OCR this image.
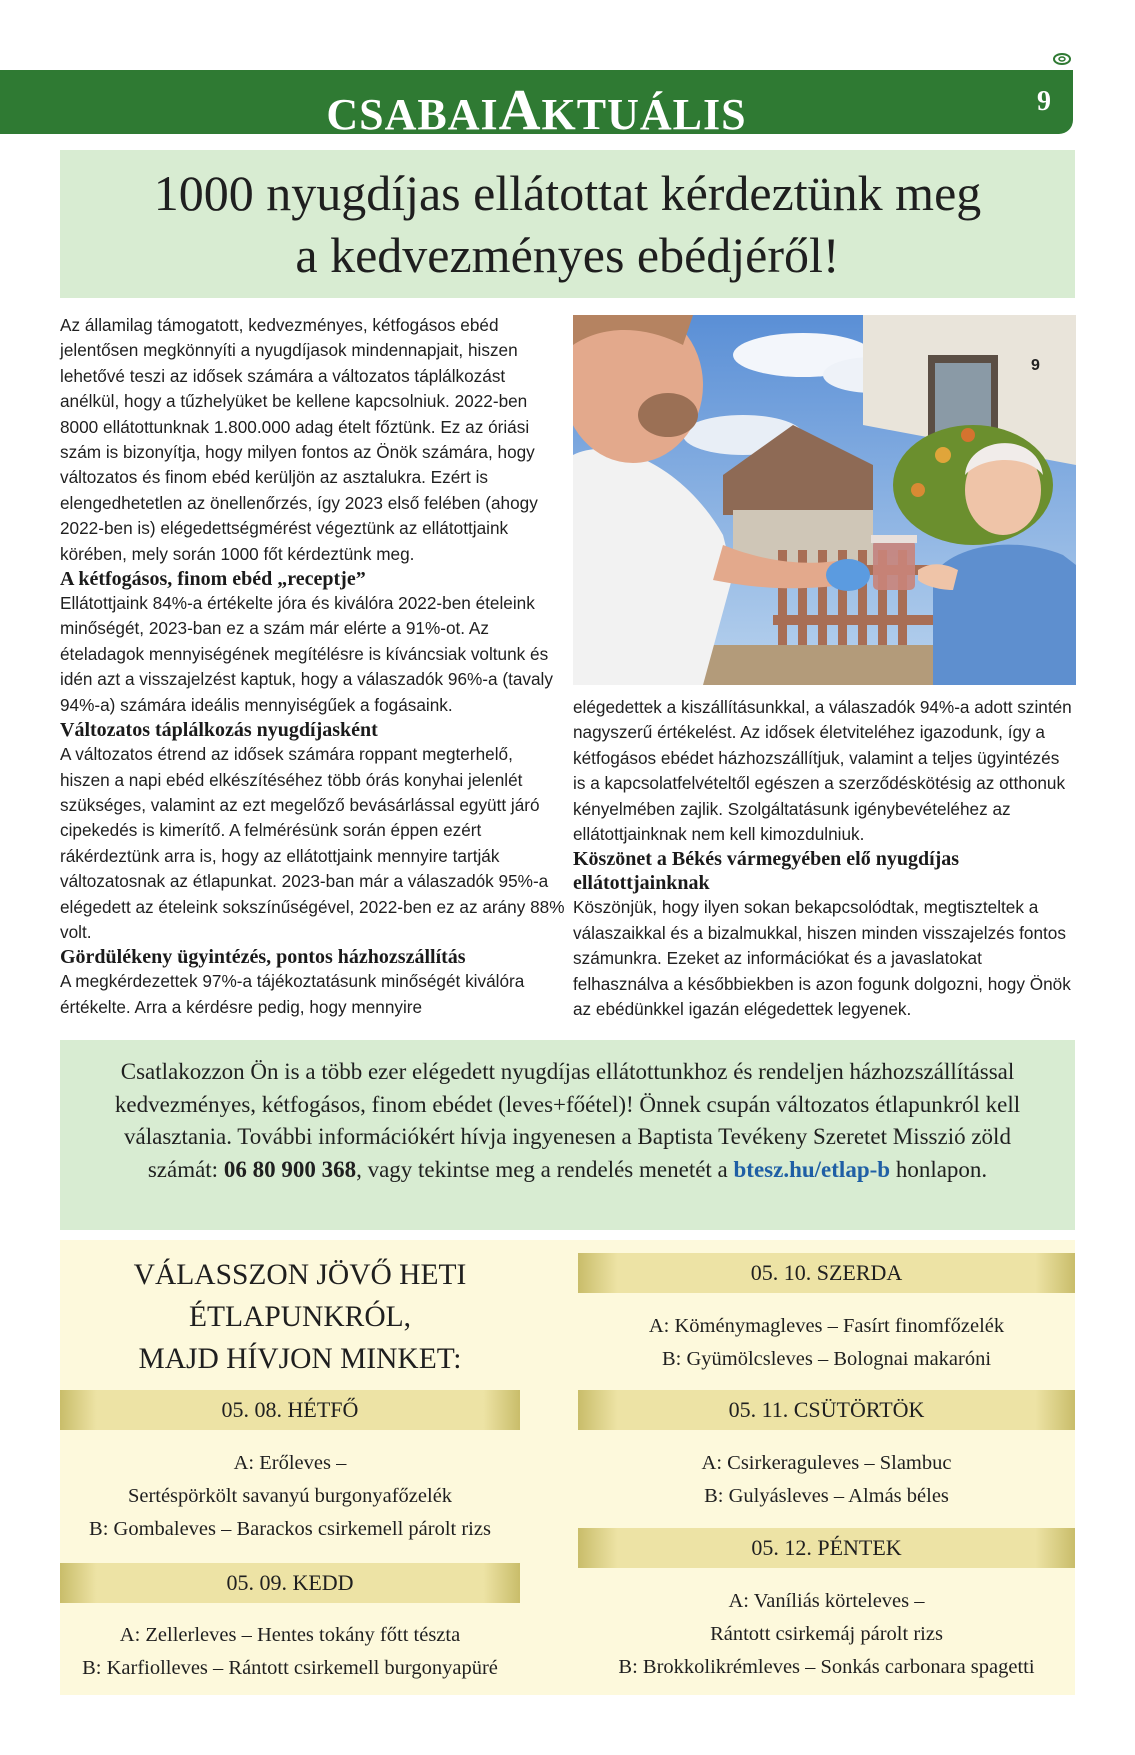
CSABAIAKTUÁLIS	9
1000 nyugdíjas ellátottat kérdeztünk meg
a kedvezményes ebédjéről!

Az államilag támogatott, kedvezményes, kétfogásos ebéd jelentősen megkönnyíti a nyugdíjasok mindennapjait, hiszen lehetővé teszi az idősek számára a változatos táplálkozást anélkül, hogy a tűzhelyüket be kellene kapcsolniuk. 2022-ben 8000 ellátottunknak 1.800.000 adag ételt főztünk. Ez az óriási szám is bizonyítja, hogy milyen fontos az Önök számára, hogy változatos és finom ebéd kerüljön az asztalukra. Ezért is elengedhetetlen az önellenőrzés, így 2023 első felében (ahogy 2022-ben is) elégedettségmérést végeztünk az ellátottjaink körében, mely során 1000 főt kérdeztünk meg.

A kétfogásos, finom ebéd „receptje”

Ellátottjaink 84%-a értékelte jóra és kiválóra 2022-ben ételeink minőségét, 2023-ban ez a szám már elérte a 91%-ot. Az ételadagok mennyiségének megítélésre is kíváncsiak voltunk és idén azt a visszajelzést kaptuk, hogy a válaszadók 96%-a (tavaly 94%-a) számára ideális mennyiségűek a fogásaink.

Változatos táplálkozás nyugdíjasként

A változatos étrend az idősek számára roppant megterhelő, hiszen a napi ebéd elkészítéséhez több órás konyhai jelenlét szükséges, valamint az ezt megelőző bevásárlással együtt járó cipekedés is kimerítő. A felmérésünk során éppen ezért rákérdeztünk arra is, hogy az ellátottjaink mennyire tartják változatosnak az étlapunkat. 2023-ban már a válaszadók 95%-a elégedett az ételeink sokszínűségével, 2022-ben ez az arány 88% volt.

Gördülékeny ügyintézés, pontos házhozszállítás

A megkérdezettek 97%-a tájékoztatásunk minőségét kiválóra értékelte. Arra a kérdésre pedig, hogy mennyire

9

elégedettek a kiszállításunkkal, a válaszadók 94%-a adott szintén nagyszerű értékelést. Az idősek életviteléhez igazodunk, így a kétfogásos ebédet házhozszállítjuk, valamint a teljes ügyintézés is a kapcsolatfelvételtől egészen a szerződéskötésig az otthonuk kényelmében zajlik. Szolgáltatásunk igénybevételéhez az ellátottjainknak nem kell kimozdulniuk.

Köszönet a Békés vármegyében elő nyugdíjas ellátottjainknak

Köszönjük, hogy ilyen sokan bekapcsolódtak, megtiszteltek a válaszaikkal és a bizalmukkal, hiszen minden visszajelzés fontos számunkra. Ezeket az információkat és a javaslatokat felhasználva a későbbiekben is azon fogunk dolgozni, hogy Önök az ebédünkkel igazán elégedettek legyenek.

Csatlakozzon Ön is a több ezer elégedett nyugdíjas ellátottunkhoz és rendeljen házhozszállítással kedvezményes, kétfogásos, finom ebédet (leves+főétel)! Önnek csupán változatos étlapunkról kell választania. További információkért hívja ingyenesen a Baptista Tevékeny Szeretet Misszió zöld számát: 06 80 900 368, vagy tekintse meg a rendelés menetét a btesz.hu/etlap-b honlapon.
VÁLASSZON JÖVŐ HETI
ÉTLAPUNKRÓL,
MAJD HÍVJON MINKET:
05. 08. HÉTFŐ
A: Erőleves –
Sertéspörkölt savanyú burgonyafőzelék
B: Gombaleves – Barackos csirkemell párolt rizs
05. 09. KEDD
A: Zellerleves – Hentes tokány főtt tészta
B: Karfiolleves – Rántott csirkemell burgonyapüré
05. 10. SZERDA
A: Köménymagleves – Fasírt finomfőzelék
B: Gyümölcsleves – Bolognai makaróni
05. 11. CSÜTÖRTÖK
A: Csirkeraguleves – Slambuc
B: Gulyásleves – Almás béles
05. 12. PÉNTEK
A: Vaníliás körteleves –
Rántott csirkemáj párolt rizs
B: Brokkolikrémleves – Sonkás carbonara spagetti
